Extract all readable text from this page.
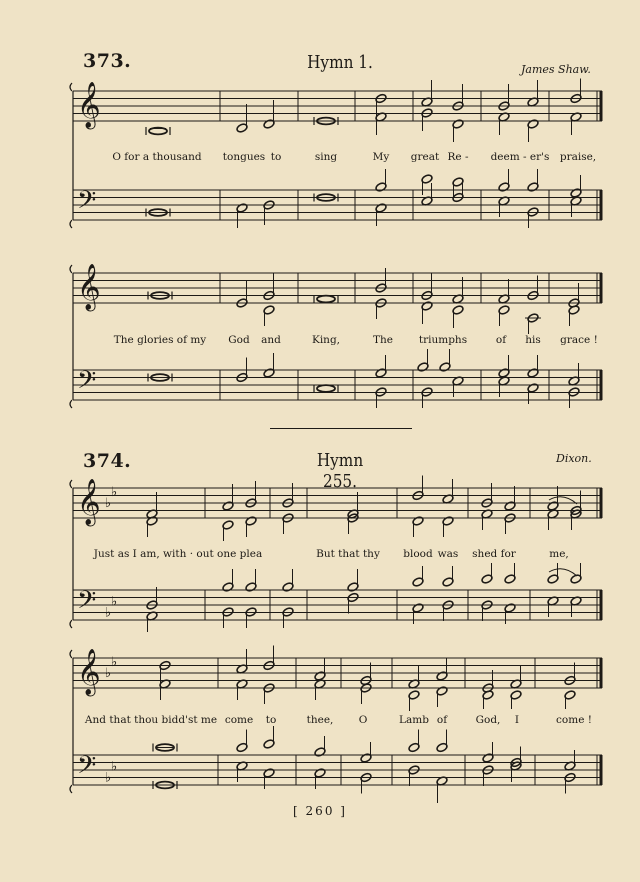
373.	Hymn 1.	James Shaw.
O for a thousand tongues to	sing	My great Re - deem - er's praise,
The glories of my God and	King,	The triumphs	of his grace !
374.	Hymn 255.
Dixon.
Just as I am, with · out one plea	But that thy blood was shed for	me,
And that thou bidd'st me come to	thee, O	Lamb of	God, I	come !
[ 260 ]
𝄞
𝄢
𝄞
𝄢
𝄞
𝄢
♭
♭
♭
♭
𝄞
𝄢
♭
♭
♭
♭
